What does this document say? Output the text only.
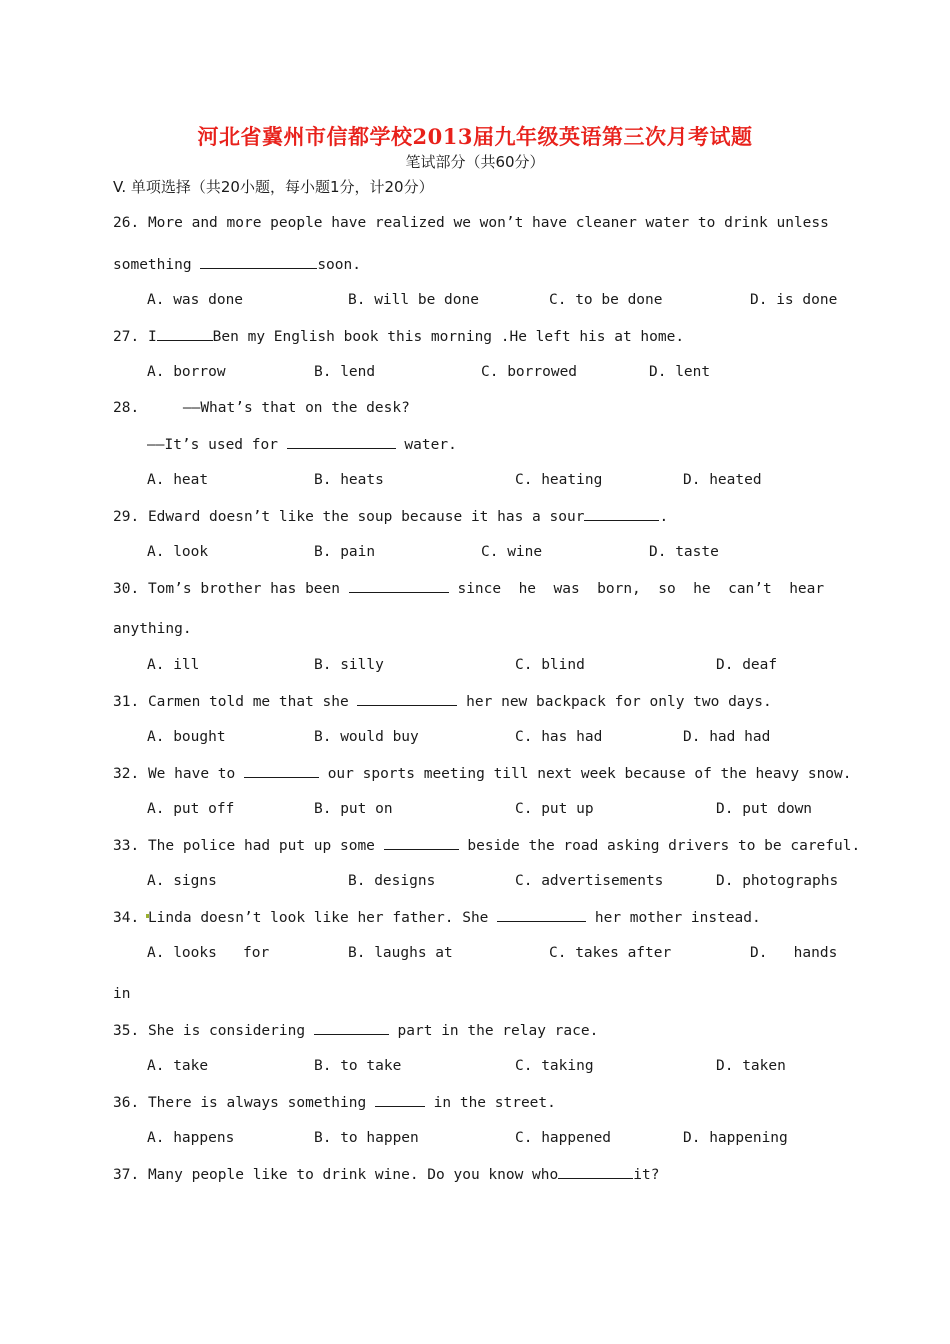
河北省冀州市信都学校2013届九年级英语第三次月考试题
笔试部分（共60分）
V. 单项选择（共20小题，每小题1分，计20分）
26. More and more people have realized we won’t have cleaner water to drink unless
something	soon.
A. was done	B. will be done	C. to be done	D. is done
27. I	Ben my English book this morning .He left his at home.
A. borrow	B. lend	C. borrowed	D. lent
28.	——What’s that on the desk?
——It’s used for	water.
A. heat	B. heats	C. heating	D. heated
29. Edward doesn’t like the soup because it has a sour	.
A. look	B. pain	C. wine	D. taste
30. Tom’s brother has been	since  he  was  born,  so  he  can’t  hear
anything.
A. ill	B. silly	C. blind	D. deaf
31. Carmen told me that she	her new backpack for only two days.
A. bought	B. would buy	C. has had	D. had had
32. We have to	our sports meeting till next week because of the heavy snow.
A. put off	B. put on	C. put up	D. put down
33. The police had put up some	beside the road asking drivers to be careful.
A. signs	B. designs	C. advertisements	D. photographs
34. Linda doesn’t look like her father. She	her mother instead.
A. looks   for	B. laughs at	C. takes after	D.   hands
in
35. She is considering	part in the relay race.
A. take	B. to take	C. taking	D. taken
36. There is always something	in the street.
A. happens	B. to happen	C. happened	D. happening
37. Many people like to drink wine. Do you know who	it?
